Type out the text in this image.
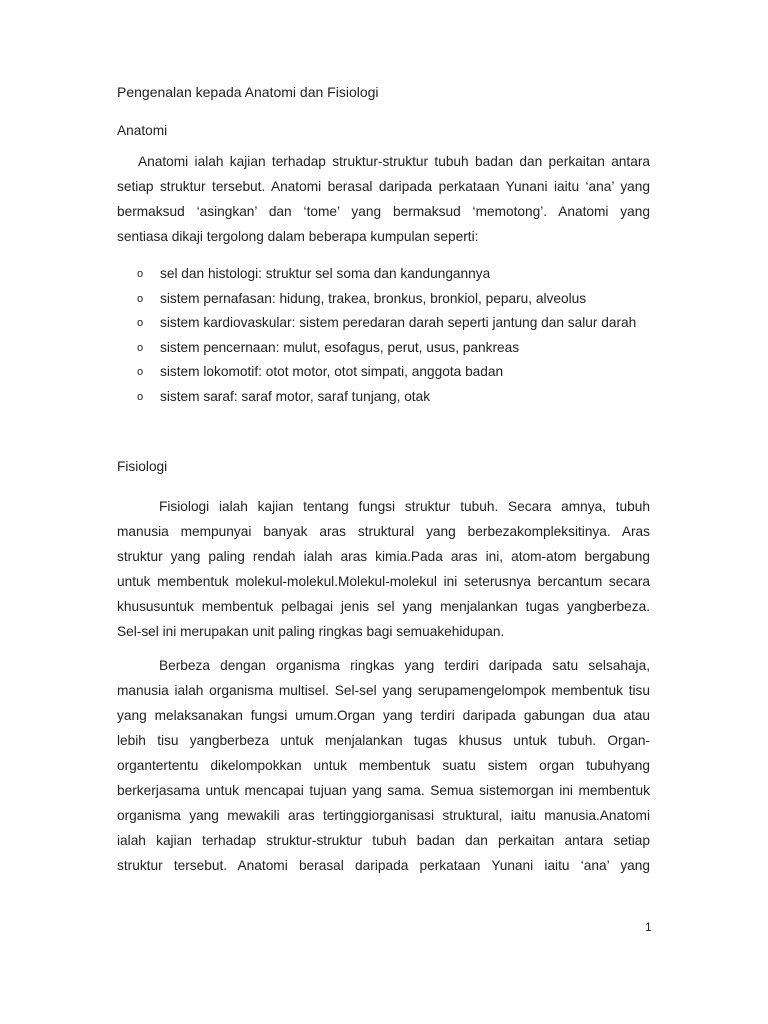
Pengenalan kepada Anatomi dan Fisiologi
Anatomi
Anatomi ialah kajian terhadap struktur-struktur tubuh badan dan perkaitan antara
setiap struktur tersebut. Anatomi berasal daripada perkataan Yunani iaitu ‘ana’ yang
bermaksud ‘asingkan’ dan ‘tome’ yang bermaksud ‘memotong’. Anatomi yang
sentiasa dikaji tergolong dalam beberapa kumpulan seperti:
o sel dan histologi: struktur sel soma dan kandungannya
o sistem pernafasan: hidung, trakea, bronkus, bronkiol, peparu, alveolus
o sistem kardiovaskular: sistem peredaran darah seperti jantung dan salur darah
o sistem pencernaan: mulut, esofagus, perut, usus, pankreas
o sistem lokomotif: otot motor, otot simpati, anggota badan
o sistem saraf: saraf motor, saraf tunjang, otak
Fisiologi
Fisiologi ialah kajian tentang fungsi struktur tubuh. Secara amnya, tubuh
manusia mempunyai banyak aras struktural yang berbezakompleksitinya. Aras
struktur yang paling rendah ialah aras kimia.Pada aras ini, atom-atom bergabung
untuk membentuk molekul-molekul.Molekul-molekul ini seterusnya bercantum secara
khususuntuk membentuk pelbagai jenis sel yang menjalankan tugas yangberbeza.
Sel-sel ini merupakan unit paling ringkas bagi semuakehidupan.
Berbeza dengan organisma ringkas yang terdiri daripada satu selsahaja,
manusia ialah organisma multisel. Sel-sel yang serupamengelompok membentuk tisu
yang melaksanakan fungsi umum.Organ yang terdiri daripada gabungan dua atau
lebih tisu yangberbeza untuk menjalankan tugas khusus untuk tubuh. Organ-
organtertentu dikelompokkan untuk membentuk suatu sistem organ tubuhyang
berkerjasama untuk mencapai tujuan yang sama. Semua sistemorgan ini membentuk
organisma yang mewakili aras tertinggiorganisasi struktural, iaitu manusia.Anatomi
ialah kajian terhadap struktur-struktur tubuh badan dan perkaitan antara setiap
struktur tersebut. Anatomi berasal daripada perkataan Yunani iaitu ‘ana’ yang
1
